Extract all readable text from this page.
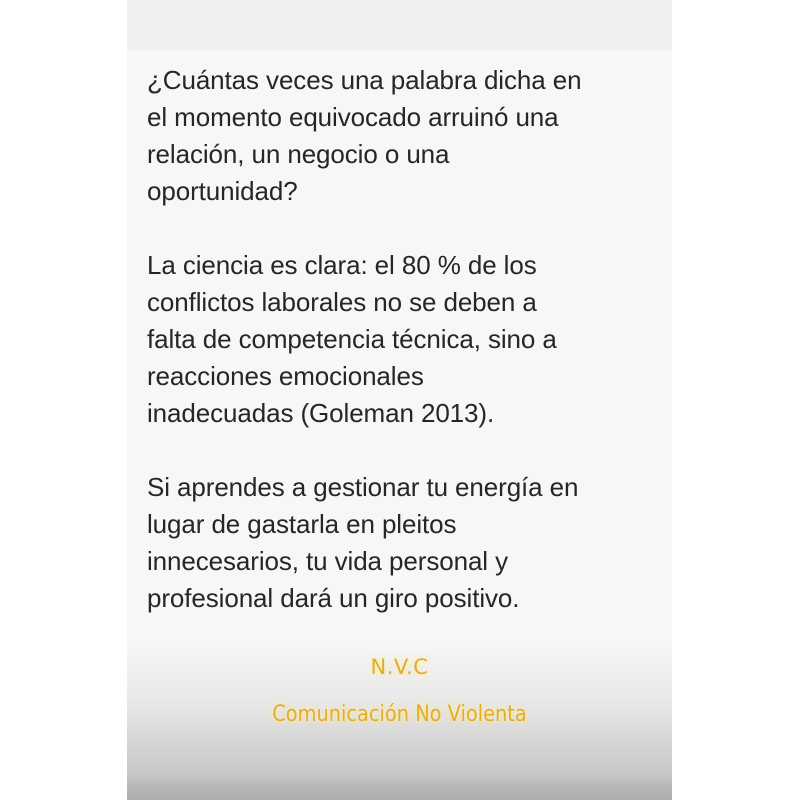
¿Cuántas veces una palabra dicha en
el momento equivocado arruinó una
relación, un negocio o una
oportunidad?

La ciencia es clara: el 80 % de los
conflictos laborales no se deben a
falta de competencia técnica, sino a
reacciones emocionales
inadecuadas (Goleman 2013).

Si aprendes a gestionar tu energía en
lugar de gastarla en pleitos
innecesarios, tu vida personal y
profesional dará un giro positivo.

N.V.C
Comunicación No Violenta
